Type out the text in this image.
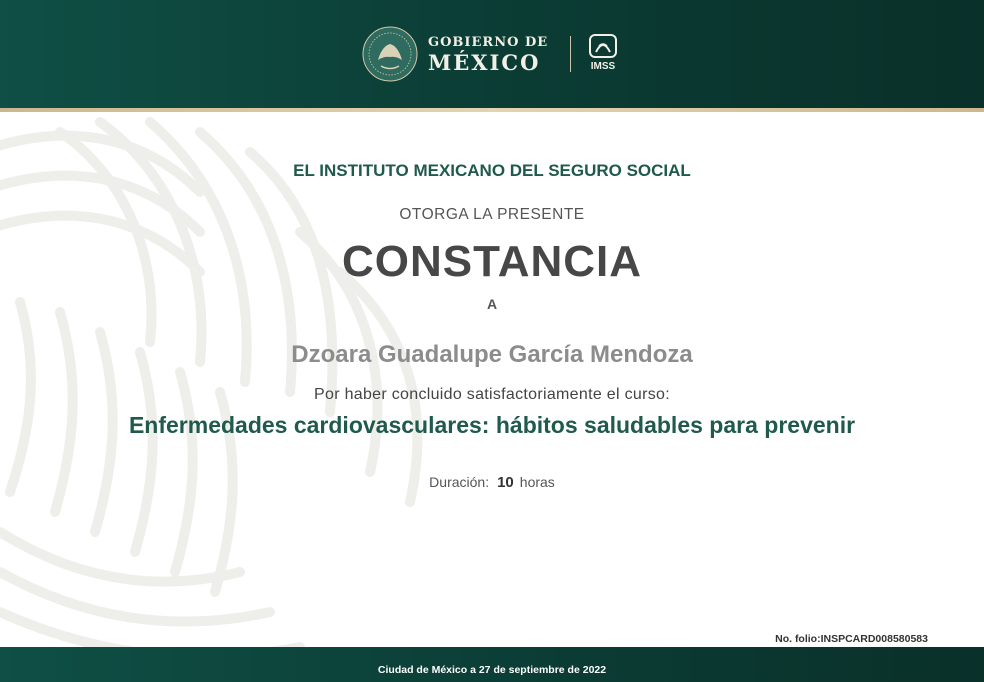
GOBIERNO DE
MÉXICO	IMSS
EL INSTITUTO MEXICANO DEL SEGURO SOCIAL
OTORGA LA PRESENTE
CONSTANCIA
A
Dzoara Guadalupe García Mendoza
Por haber concluido satisfactoriamente el curso:
Enfermedades cardiovasculares: hábitos saludables para prevenir
Duración: 10 horas
No. folio:INSPCARD008580583
Ciudad de México a 27 de septiembre de 2022
